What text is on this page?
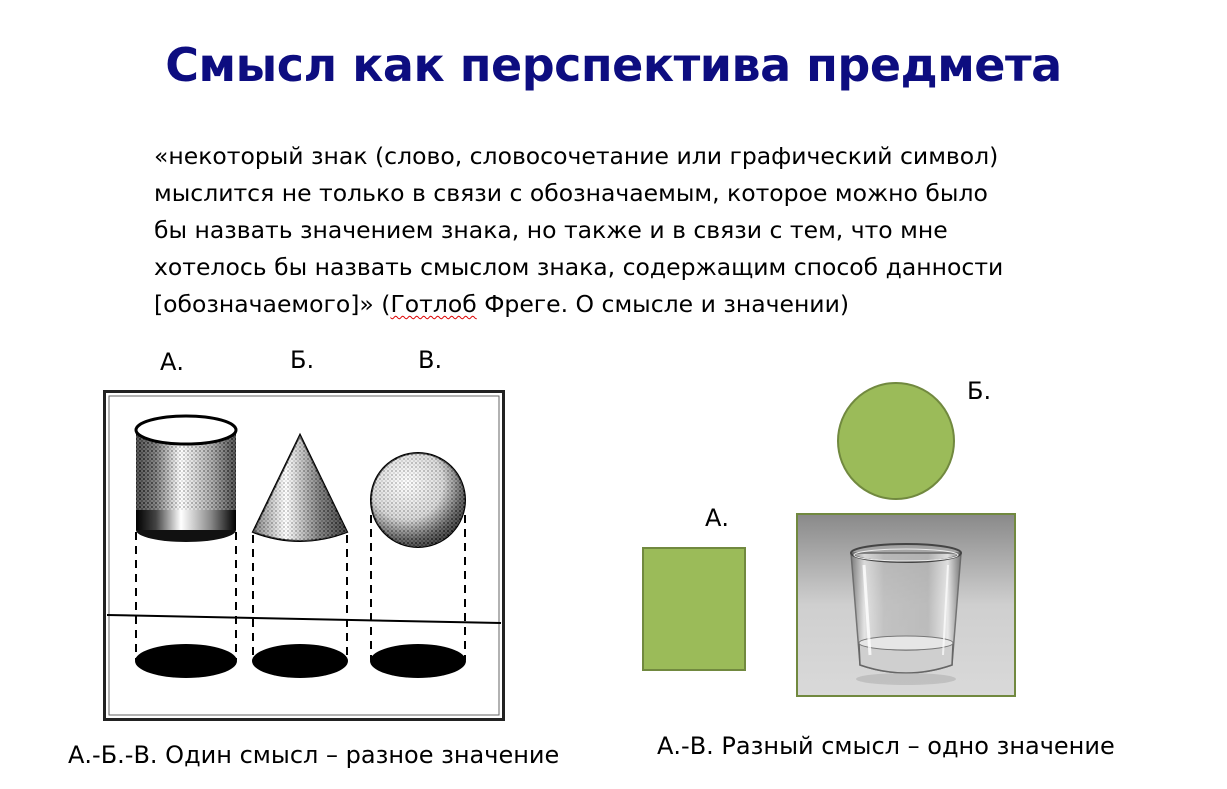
Смысл как перспектива предмета
«некоторый знак (слово, словосочетание или графический символ)
мыслится не только в связи с обозначаемым, которое можно было
бы назвать значением знака, но также и в связи с тем, что мне
хотелось бы назвать смыслом знака, содержащим способ данности
[обозначаемого]» (Готлоб Фреге. О смысле и значении)
А.	Б.	В.
А.-Б.-В. Один смысл – разное значение
Б.
А.
А.-В. Разный смысл – одно значение
